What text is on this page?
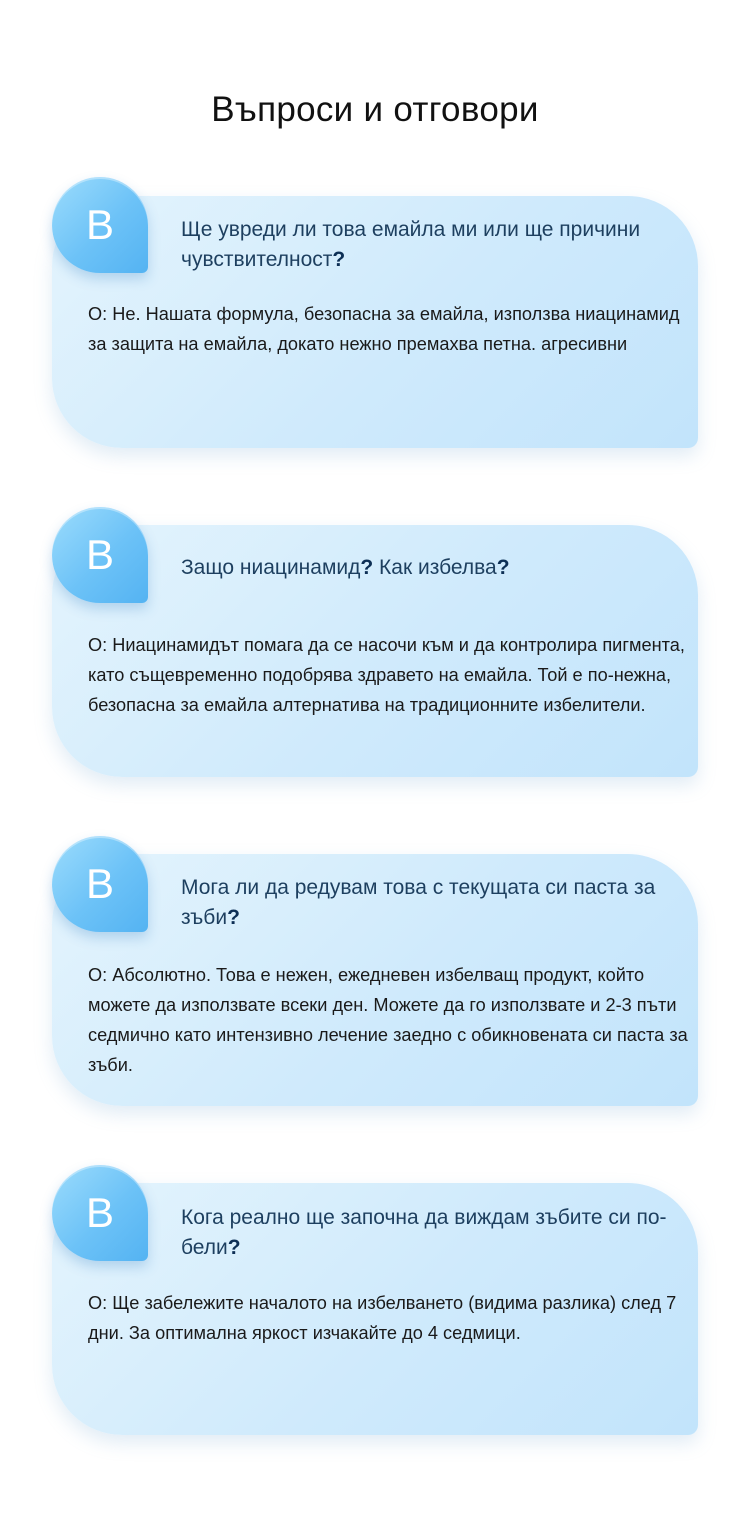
Въпроси и отговори
В	Ще увреди ли това емайла ми или ще причини чувствителност?
О: Не. Нашата формула, безопасна за емайла, използва ниацинамид за защита на емайла, докато нежно премахва петна. агресивни
В	Защо ниацинамид? Как избелва?
О: Ниацинамидът помага да се насочи към и да контролира пигмента, като същевременно подобрява здравето на емайла. Той е по-нежна, безопасна за емайла алтернатива на традиционните избелители.
В	Мога ли да редувам това с текущата си паста за зъби?
О: Абсолютно. Това е нежен, ежедневен избелващ продукт, който можете да използвате всеки ден. Можете да го използвате и 2-3 пъти седмично като интензивно лечение заедно с обикновената си паста за зъби.
В	Кога реално ще започна да виждам зъбите си по-бели?
О: Ще забележите началото на избелването (видима разлика) след 7 дни. За оптимална яркост изчакайте до 4 седмици.
